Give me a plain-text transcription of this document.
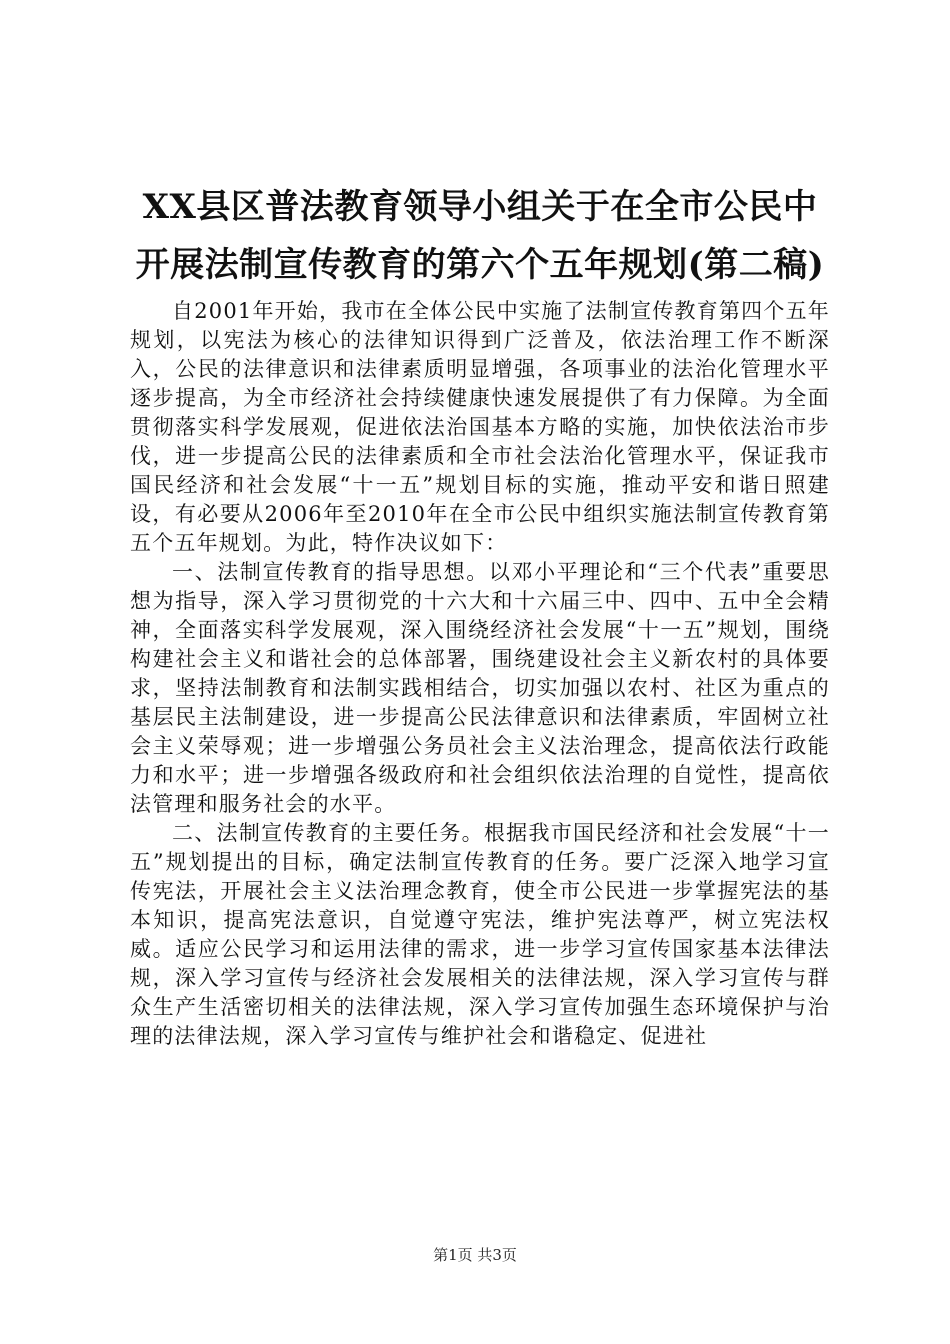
XX县区普法教育领导小组关于在全市公民中
开展法制宣传教育的第六个五年规划(第二稿)

自2001年开始，我市在全体公民中实施了法制宣传教育第四个五年规划，以宪法为核心的法律知识得到广泛普及，依法治理工作不断深入，公民的法律意识和法律素质明显增强，各项事业的法治化管理水平逐步提高，为全市经济社会持续健康快速发展提供了有力保障。为全面贯彻落实科学发展观，促进依法治国基本方略的实施，加快依法治市步伐，进一步提高公民的法律素质和全市社会法治化管理水平，保证我市国民经济和社会发展“十一五”规划目标的实施，推动平安和谐日照建设，有必要从2006年至2010年在全市公民中组织实施法制宣传教育第五个五年规划。为此，特作决议如下：

一、法制宣传教育的指导思想。以邓小平理论和“三个代表”重要思想为指导，深入学习贯彻党的十六大和十六届三中、四中、五中全会精神，全面落实科学发展观，深入围绕经济社会发展“十一五”规划，围绕构建社会主义和谐社会的总体部署，围绕建设社会主义新农村的具体要求，坚持法制教育和法制实践相结合，切实加强以农村、社区为重点的基层民主法制建设，进一步提高公民法律意识和法律素质，牢固树立社会主义荣辱观；进一步增强公务员社会主义法治理念，提高依法行政能力和水平；进一步增强各级政府和社会组织依法治理的自觉性，提高依法管理和服务社会的水平。

二、法制宣传教育的主要任务。根据我市国民经济和社会发展“十一五”规划提出的目标，确定法制宣传教育的任务。要广泛深入地学习宣传宪法，开展社会主义法治理念教育，使全市公民进一步掌握宪法的基本知识，提高宪法意识，自觉遵守宪法，维护宪法尊严，树立宪法权威。适应公民学习和运用法律的需求，进一步学习宣传国家基本法律法规，深入学习宣传与经济社会发展相关的法律法规，深入学习宣传与群众生产生活密切相关的法律法规，深入学习宣传加强生态环境保护与治理的法律法规，深入学习宣传与维护社会和谐稳定、促进社

第1页 共3页
